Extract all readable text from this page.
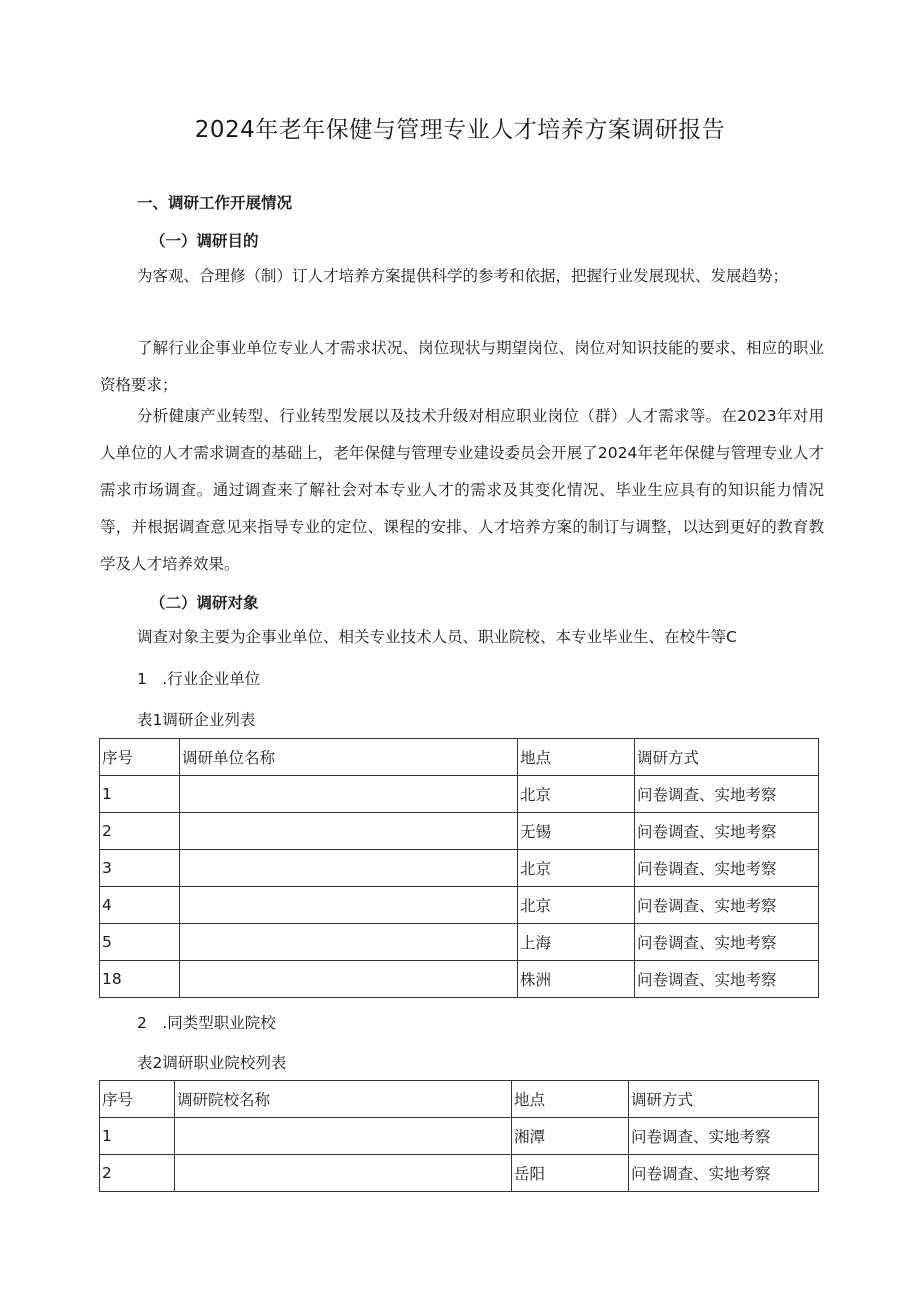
2024年老年保健与管理专业人才培养方案调研报告
一、调研工作开展情况
（一）调研目的

为客观、合理修（制）订人才培养方案提供科学的参考和依据，把握行业发展现状、发展趋势；

了解行业企事业单位专业人才需求状况、岗位现状与期望岗位、岗位对知识技能的要求、相应的职业资格要求；

分析健康产业转型、行业转型发展以及技术升级对相应职业岗位（群）人才需求等。在2023年对用人单位的人才需求调查的基础上，老年保健与管理专业建设委员会开展了2024年老年保健与管理专业人才需求市场调查。通过调查来了解社会对本专业人才的需求及其变化情况、毕业生应具有的知识能力情况等，并根据调查意见来指导专业的定位、课程的安排、人才培养方案的制订与调整，以达到更好的教育教学及人才培养效果。

（二）调研对象
调查对象主要为企事业单位、相关专业技术人员、职业院校、本专业毕业生、在校牛等C
1　.行业企业单位
表1调研企业列表
序号	调研单位名称	地点	调研方式
1		北京	问卷调查、实地考察
2		无锡	问卷调查、实地考察
3		北京	问卷调查、实地考察
4		北京	问卷调查、实地考察
5		上海	问卷调查、实地考察
18		株洲	问卷调查、实地考察
2　.同类型职业院校
表2调研职业院校列表
序号	调研院校名称	地点	调研方式
1		湘潭	问卷调查、实地考察
2		岳阳	问卷调查、实地考察
